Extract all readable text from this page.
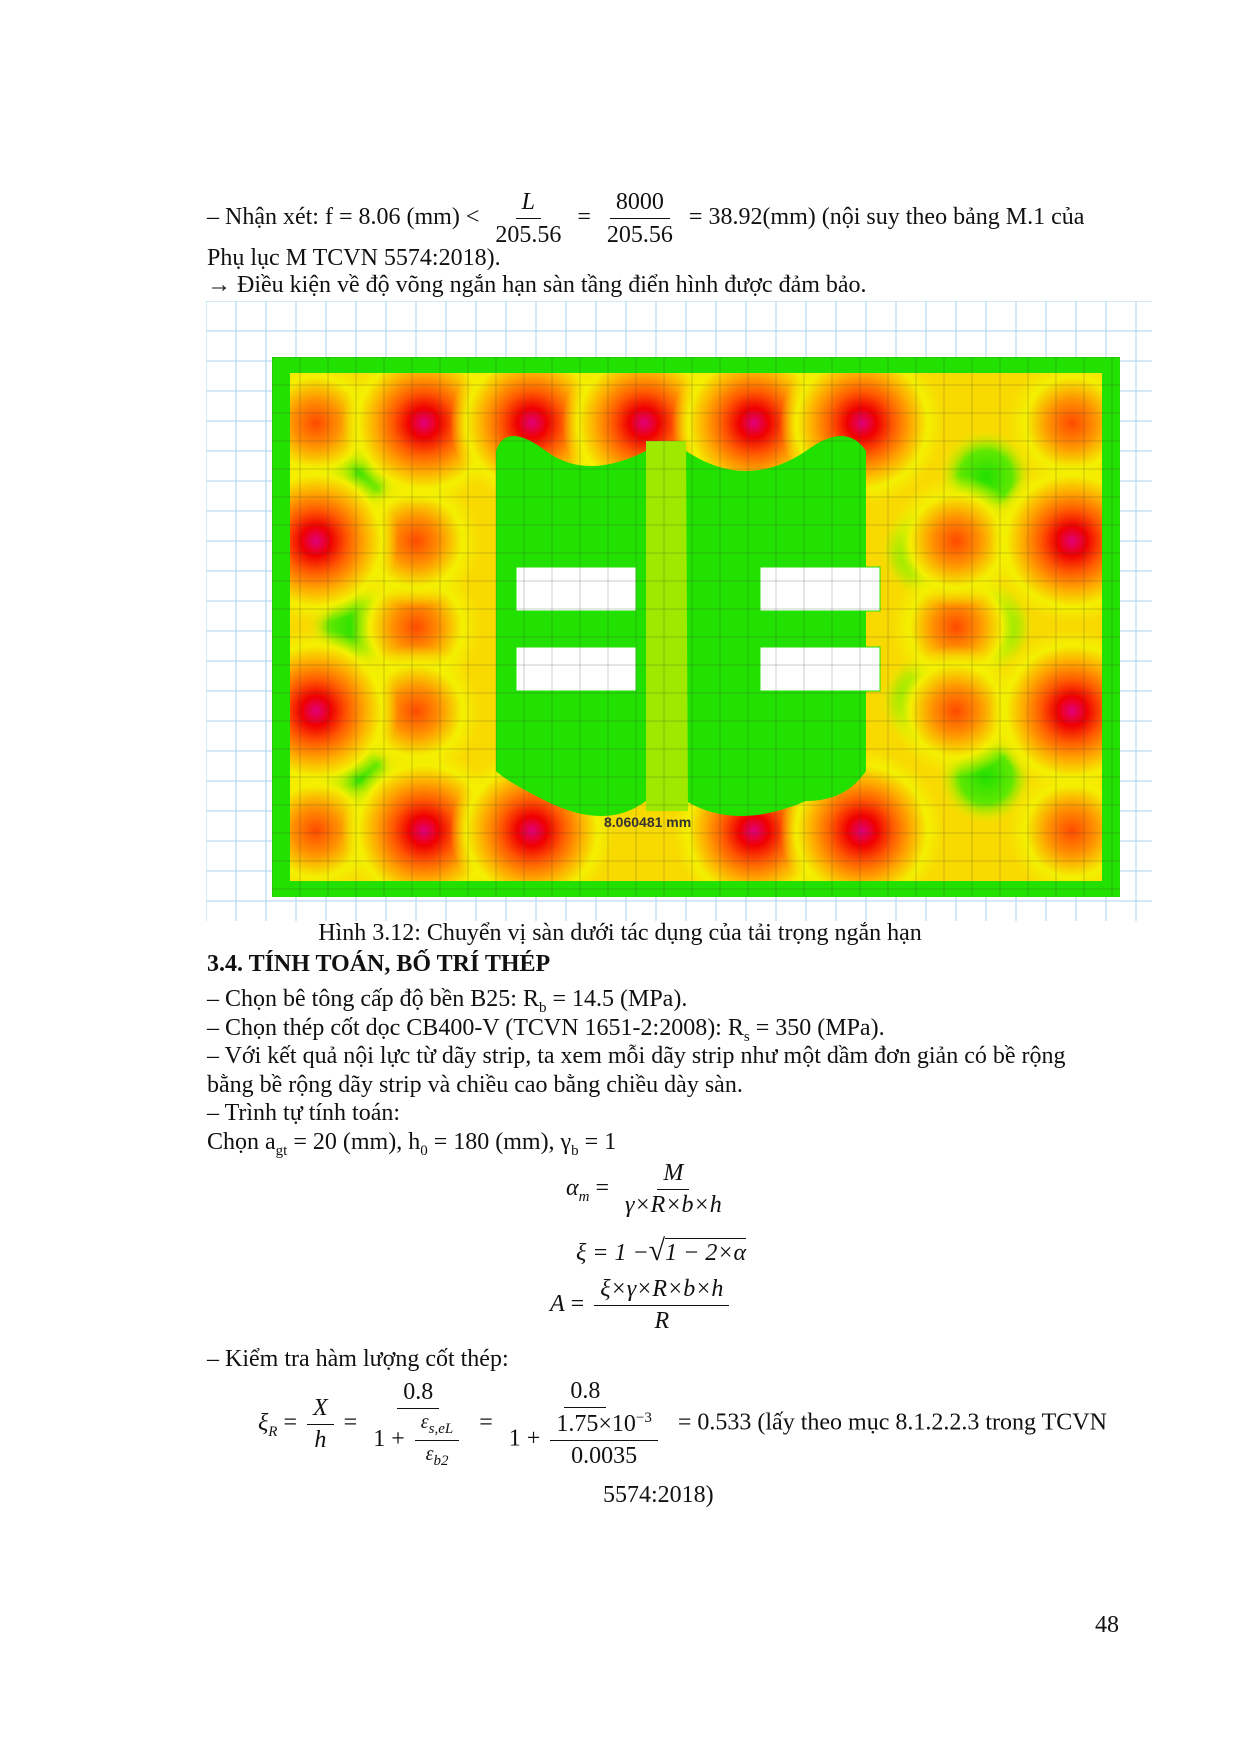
– Nhận xét: f = 8.06 $(mm) < \frac{L}{205.56} = \frac{8000}{205.56} = 38.92(mm)$ (nội suy theo bảng M.1 của
Phụ lục M TCVN 5574:2018).
→ Điều kiện về độ võng ngắn hạn sàn tầng điển hình được đảm bảo.
8.060481 mm
Hình 3.12: Chuyển vị sàn dưới tác dụng của tải trọng ngắn hạn
3.4. TÍNH TOÁN, BỐ TRÍ THÉP
– Chọn bê tông cấp độ bền B25: $R_b = 14.5$ (MPa).
– Chọn thép cốt dọc CB400-V (TCVN 1651-2:2008): $R_s = 350$ (MPa).
– Với kết quả nội lực từ dãy strip, ta xem mỗi dãy strip như một dầm đơn giản có bề rộng
bằng bề rộng dãy strip và chiều cao bằng chiều dày sàn.
– Trình tự tính toán:
Chọn $a_{gt} = 20$ (mm), $h_0 = 180$ (mm), $\gamma_b = 1$
$\alpha_m = \frac{M}{\gamma\times R\times b\times h}$
ξ = 1 −√1 − 2×α
$A = \frac{\xi\times\gamma\times R\times b\times h}{R}$
– Kiểm tra hàm lượng cốt thép:
$\xi_R = \frac{X}{h} = \frac{0.8}{1 + \frac{\varepsilon_{s,eL}}{\varepsilon_{b2}}} = \frac{0.8}{1 + \frac{1.75\times 10^{-3}}{0.0035}} = 0.533$ (lấy theo mục 8.1.2.2.3 trong TCVN
5574:2018)
48
